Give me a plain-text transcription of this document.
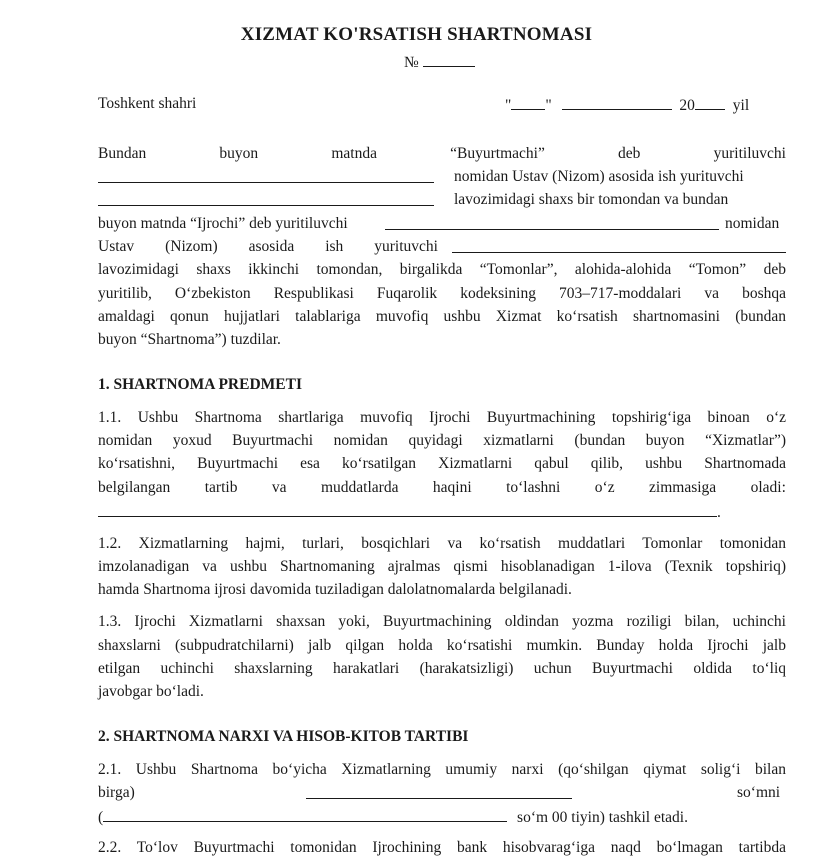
XIZMAT KO'RSATISH SHARTNOMASI
№
Toshkent shahri	" "	20 yil
Bundan	buyon	matnda	“Buyurtmachi”	deb	yuritiluvchi
nomidan Ustav (Nizom) asosida ish yurituvchi
lavozimidagi shaxs bir tomondan va bundan
buyon matnda “Ijrochi” deb yuritiluvchi	nomidan
Ustav (Nizom) asosida ish yurituvchi
lavozimidagi shaxs ikkinchi tomondan, birgalikda “Tomonlar”, alohida-alohida “Tomon” deb
yuritilib, O‘zbekiston Respublikasi Fuqarolik kodeksining 703–717-moddalari va boshqa
amaldagi qonun hujjatlari talablariga muvofiq ushbu Xizmat ko‘rsatish shartnomasini (bundan
buyon “Shartnoma”) tuzdilar.
1. SHARTNOMA PREDMETI
1.1. Ushbu Shartnoma shartlariga muvofiq Ijrochi Buyurtmachining topshirig‘iga binoan o‘z
nomidan yoxud Buyurtmachi nomidan quyidagi xizmatlarni (bundan buyon “Xizmatlar”)
ko‘rsatishni, Buyurtmachi esa ko‘rsatilgan Xizmatlarni qabul qilib, ushbu Shartnomada
belgilangan tartib va muddatlarda haqini to‘lashni o‘z zimmasiga oladi:
.
1.2. Xizmatlarning hajmi, turlari, bosqichlari va ko‘rsatish muddatlari Tomonlar tomonidan
imzolanadigan va ushbu Shartnomaning ajralmas qismi hisoblanadigan 1-ilova (Texnik topshiriq)
hamda Shartnoma ijrosi davomida tuziladigan dalolatnomalarda belgilanadi.
1.3. Ijrochi Xizmatlarni shaxsan yoki, Buyurtmachining oldindan yozma roziligi bilan, uchinchi
shaxslarni (subpudratchilarni) jalb qilgan holda ko‘rsatishi mumkin. Bunday holda Ijrochi jalb
etilgan uchinchi shaxslarning harakatlari (harakatsizligi) uchun Buyurtmachi oldida to‘liq
javobgar bo‘ladi.
2. SHARTNOMA NARXI VA HISOB-KITOB TARTIBI
2.1. Ushbu Shartnoma bo‘yicha Xizmatlarning umumiy narxi (qo‘shilgan qiymat solig‘i bilan
birga)	so‘mni
(	so‘m 00 tiyin) tashkil etadi.
2.2. To‘lov Buyurtmachi tomonidan Ijrochining bank hisobvarag‘iga naqd bo‘lmagan tartibda
